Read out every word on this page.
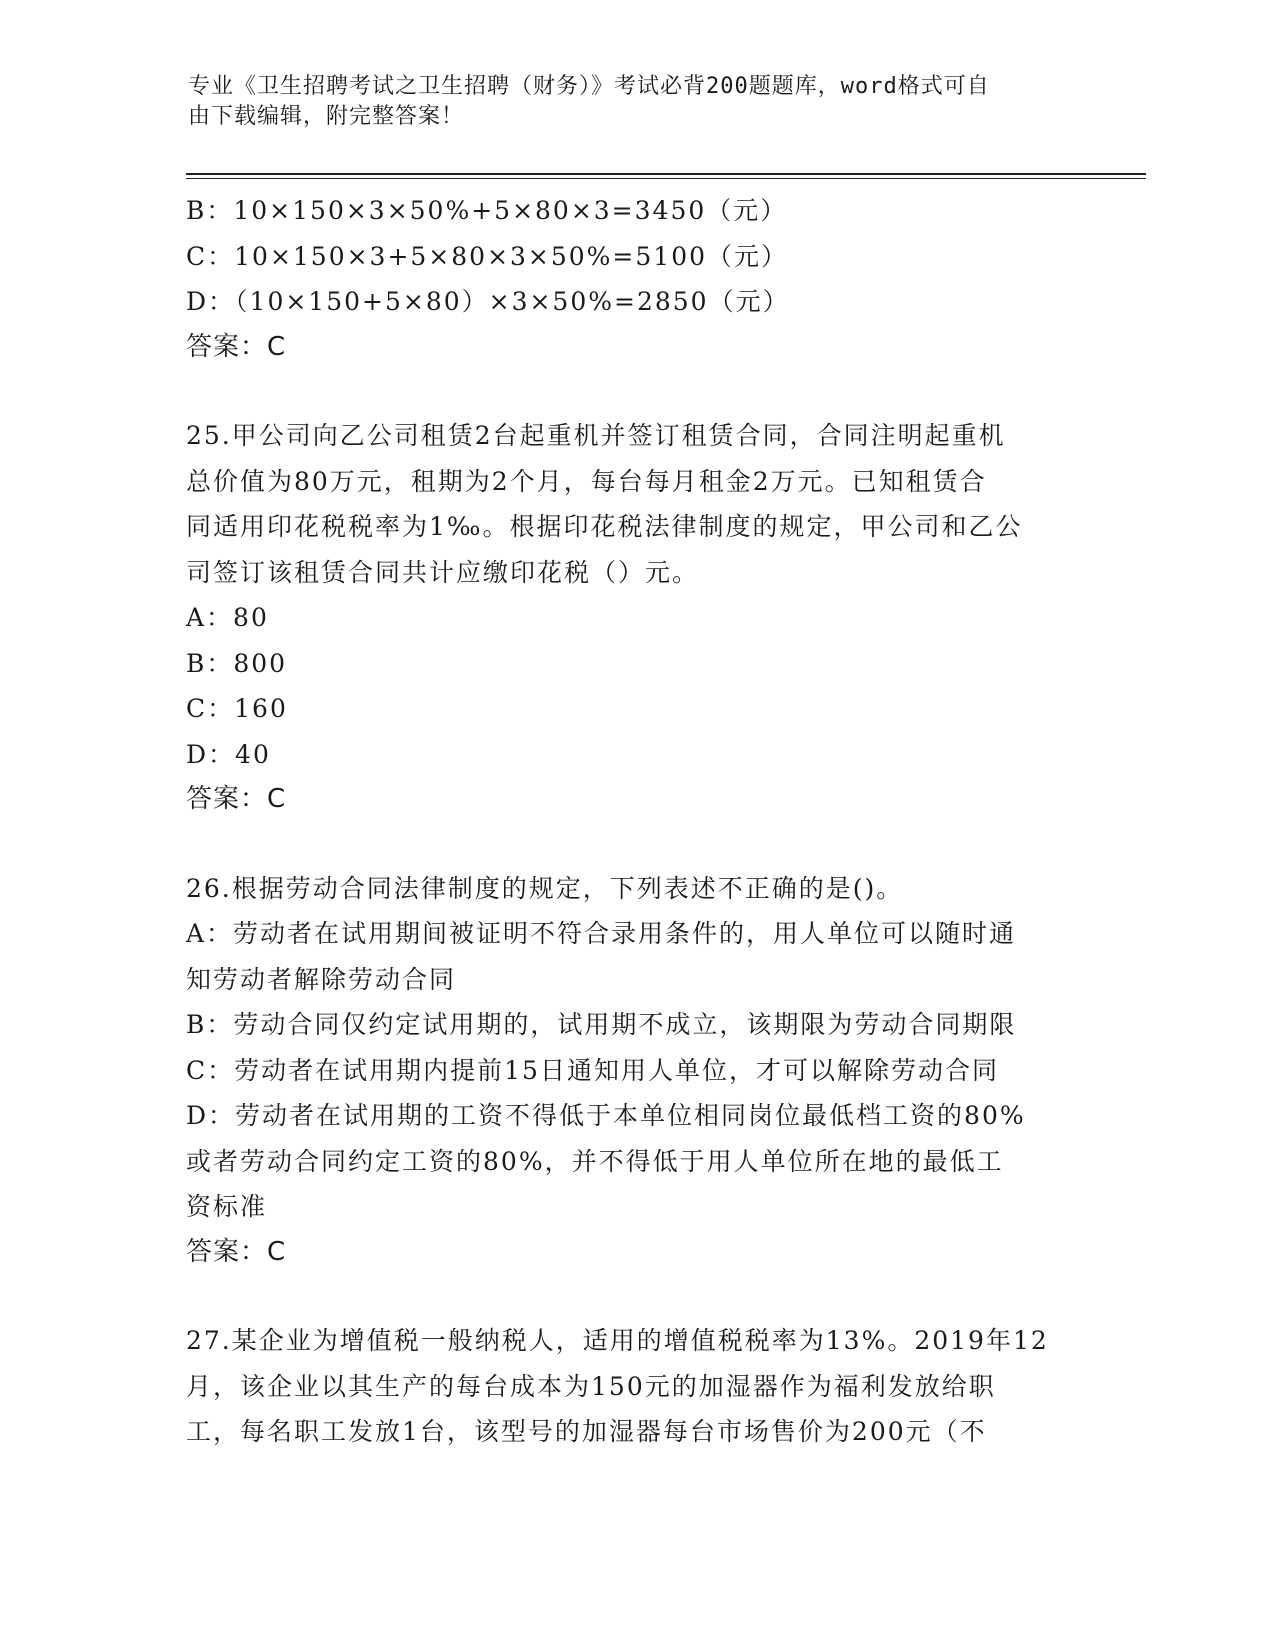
专业《卫生招聘考试之卫生招聘（财务）》考试必背200题题库，word格式可自
由下载编辑，附完整答案！
B：10×150×3×50%+5×80×3=3450（元）
C：10×150×3+5×80×3×50%=5100（元）
D：（10×150+5×80）×3×50%=2850（元）
答案：C
25.甲公司向乙公司租赁2台起重机并签订租赁合同，合同注明起重机
总价值为80万元，租期为2个月，每台每月租金2万元。已知租赁合
同适用印花税税率为1‰。根据印花税法律制度的规定，甲公司和乙公
司签订该租赁合同共计应缴印花税（）元。
A：80
B：800
C：160
D：40
答案：C
26.根据劳动合同法律制度的规定，下列表述不正确的是()。
A：劳动者在试用期间被证明不符合录用条件的，用人单位可以随时通
知劳动者解除劳动合同
B：劳动合同仅约定试用期的，试用期不成立，该期限为劳动合同期限
C：劳动者在试用期内提前15日通知用人单位，才可以解除劳动合同
D：劳动者在试用期的工资不得低于本单位相同岗位最低档工资的80%
或者劳动合同约定工资的80%，并不得低于用人单位所在地的最低工
资标准
答案：C
27.某企业为增值税一般纳税人，适用的增值税税率为13%。2019年12
月，该企业以其生产的每台成本为150元的加湿器作为福利发放给职
工，每名职工发放1台，该型号的加湿器每台市场售价为200元（不
